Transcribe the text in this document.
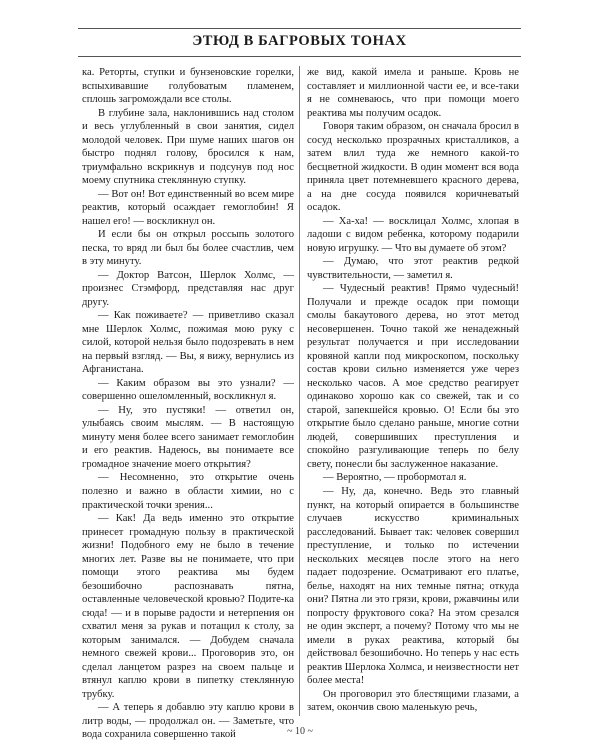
ЭТЮД В БАГРОВЫХ ТОНАХ

ка. Реторты, ступки и бунзеновские горелки, вспыхивавшие голубоватым пламенем, сплошь загромождали все столы.

В глубине зала, наклонившись над столом и весь углубленный в свои занятия, сидел молодой человек. При шуме наших шагов он быстро поднял голову, бросился к нам, триумфально вскрикнув и подсунув под нос моему спутника стеклянную ступку.

— Вот он! Вот единственный во всем мире реактив, который осаждает гемоглобин! Я нашел его! — воскликнул он.

И если бы он открыл россыпь золотого песка, то вряд ли был бы более счастлив, чем в эту минуту.

— Доктор Ватсон, Шерлок Холмс, — произнес Стэмфорд, представляя нас друг другу.

— Как поживаете? — приветливо сказал мне Шерлок Холмс, пожимая мою руку с силой, которой нельзя было подозревать в нем на первый взгляд. — Вы, я вижу, вернулись из Афганистана.

— Каким образом вы это узнали? — совершенно ошеломленный, воскликнул я.

— Ну, это пустяки! — ответил он, улыбаясь своим мыслям. — В настоящую минуту меня более всего занимает гемоглобин и его реактив. Надеюсь, вы понимаете все громадное значение моего открытия?

— Несомненно, это открытие очень полезно и важно в области химии, но с практической точки зрения...

— Как! Да ведь именно это открытие принесет громадную пользу в практической жизни! Подобного ему не было в течение многих лет. Разве вы не понимаете, что при помощи этого реактива мы будем безошибочно распознавать пятна, оставленные человеческой кровью? Подите-ка сюда! — и в порыве радости и нетерпения он схватил меня за рукав и потащил к столу, за которым занимался. — Добудем сначала немного свежей крови... Проговорив это, он сделал ланцетом разрез на своем пальце и втянул каплю крови в пипетку стеклянную трубку.

— А теперь я добавлю эту каплю крови в литр воды, — продолжал он. — Заметьте, что вода сохранила совершенно такой

же вид, какой имела и раньше. Кровь не составляет и миллионной части ее, и все-таки я не сомневаюсь, что при помощи моего реактива мы получим осадок.

Говоря таким образом, он сначала бросил в сосуд несколько прозрачных кристалликов, а затем влил туда же немного какой-то бесцветной жидкости. В один момент вся вода приняла цвет потемневшего красного дерева, а на дне сосуда появился коричневатый осадок.

— Ха-ха! — восклицал Холмс, хлопая в ладоши с видом ребенка, которому подарили новую игрушку. — Что вы думаете об этом?

— Думаю, что этот реактив редкой чувствительности, — заметил я.

— Чудесный реактив! Прямо чудесный! Получали и прежде осадок при помощи смолы бакаутового дерева, но этот метод несовершенен. Точно такой же ненадежный результат получается и при исследовании кровяной капли под микроскопом, поскольку состав крови сильно изменяется уже через несколько часов. А мое средство реагирует одинаково хорошо как со свежей, так и со старой, запекшейся кровью. О! Если бы это открытие было сделано раньше, многие сотни людей, совершивших преступления и спокойно разгуливающие теперь по белу свету, понесли бы заслуженное наказание.

— Вероятно, — пробормотал я.

— Ну, да, конечно. Ведь это главный пункт, на который опирается в большинстве случаев искусство криминальных расследований. Бывает так: человек совершил преступление, и только по истечении нескольких месяцев после этого на него падает подозрение. Осматривают его платье, белье, находят на них темные пятна; откуда они? Пятна ли это грязи, крови, ржавчины или попросту фруктового сока? На этом срезался не один эксперт, а почему? Потому что мы не имели в руках реактива, который бы действовал безошибочно. Но теперь у нас есть реактив Шерлока Холмса, и неизвестности нет более места!

Он проговорил это блестящими глазами, а затем, окончив свою маленькую речь,

~ 10 ~
